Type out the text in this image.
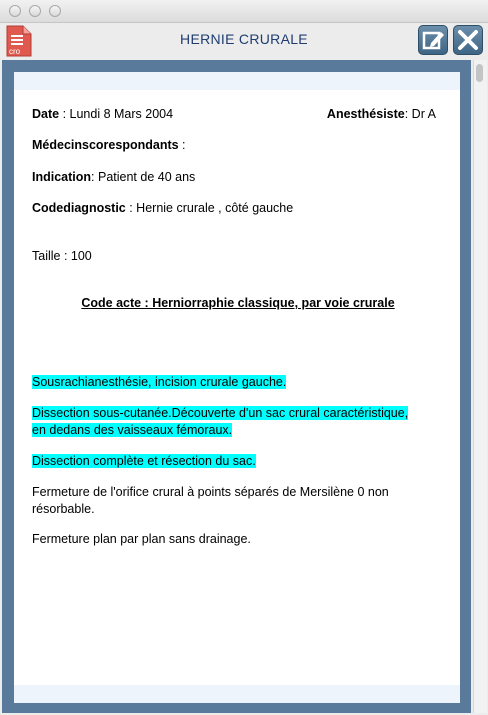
cro
HERNIE CRURALE
Date : Lundi 8 Mars 2004	Anesthésiste: Dr A
Médecinscorespondants :
Indication: Patient de 40 ans
Codediagnostic : Hernie crurale , côté gauche
Taille : 100
Code acte : Herniorraphie classique, par voie crurale
Sousrachianesthésie, incision crurale gauche.
Dissection sous-cutanée.Découverte d'un sac crural caractéristique,
en dedans des vaisseaux fémoraux.
Dissection complète et résection du sac.
Fermeture de l'orifice crural à points séparés de Mersilène 0 non
résorbable.
Fermeture plan par plan sans drainage.
